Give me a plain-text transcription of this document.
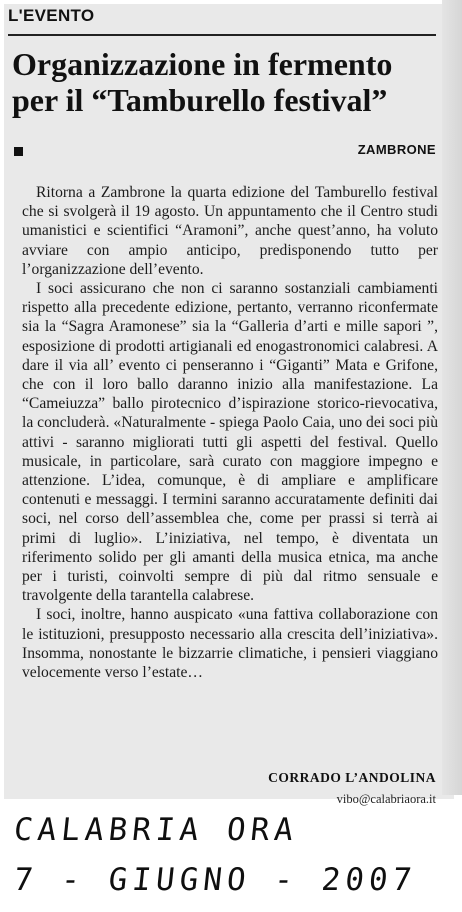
L'EVENTO
Organizzazione in fermento per il “Tamburello festival”
ZAMBRONE

Ritorna a Zambrone la quarta edizione del Tamburello festival che si svolgerà il 19 agosto. Un appuntamento che il Centro studi umanistici e scientifici “Aramoni”, anche quest’anno, ha voluto avviare con ampio anticipo, predisponendo tutto per l’organizzazione dell’evento.

I soci assicurano che non ci saranno sostanziali cambiamenti rispetto alla precedente edizione, pertanto, verranno riconfermate sia la “Sagra Aramonese” sia la “Galleria d’arti e mille sapori ”, esposizione di prodotti artigianali ed enogastronomici calabresi. A dare il via all’ evento ci penseranno i “Giganti” Mata e Grifone, che con il loro ballo daranno inizio alla manifestazione. La “Cameiuzza” ballo pirotecnico d’ispirazione storico-rievocativa, la concluderà. «Naturalmente - spiega Paolo Caia, uno dei soci più attivi - saranno migliorati tutti gli aspetti del festival. Quello musicale, in particolare, sarà curato con maggiore impegno e attenzione. L’idea, comunque, è di ampliare e amplificare contenuti e messaggi. I termini saranno accuratamente definiti dai soci, nel corso dell’assemblea che, come per prassi si terrà ai primi di luglio». L’iniziativa, nel tempo, è diventata un riferimento solido per gli amanti della musica etnica, ma anche per i turisti, coinvolti sempre di più dal ritmo sensuale e travolgente della tarantella calabrese.

I soci, inoltre, hanno auspicato «una fattiva collaborazione con le istituzioni, presupposto necessario alla crescita dell’iniziativa». Insomma, nonostante le bizzarrie climatiche, i pensieri viaggiano velocemente verso l’estate…

CORRADO L’ANDOLINA
vibo@calabriaora.it
CALABRIA ORA
7 - GIUGNO - 2007
